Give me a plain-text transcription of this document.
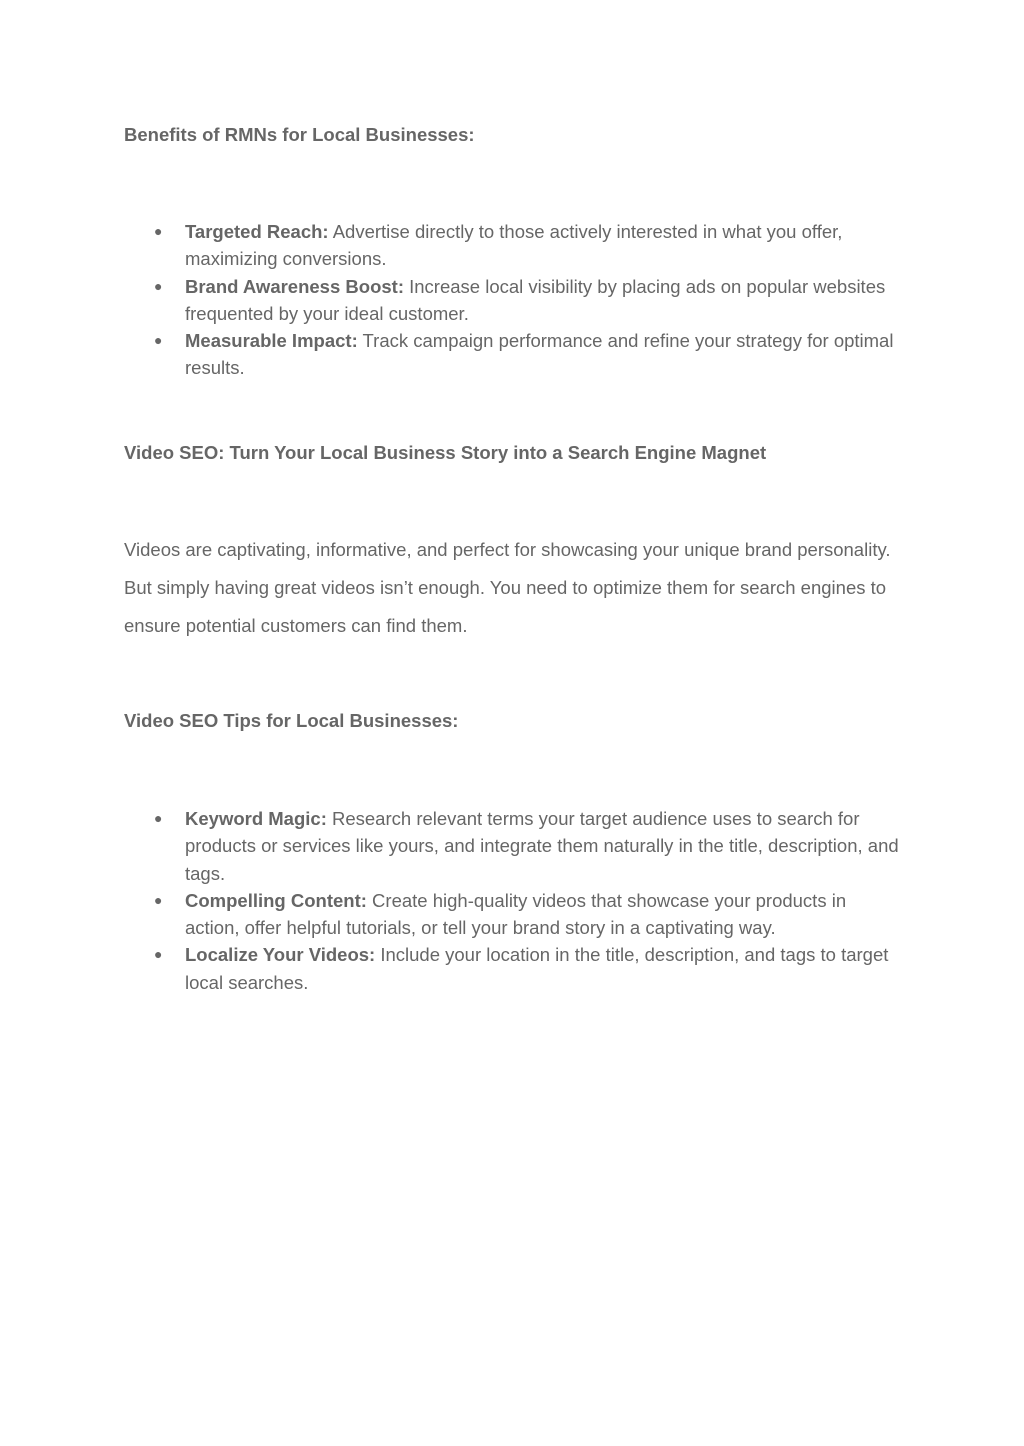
Benefits of RMNs for Local Businesses:
● Targeted Reach: Advertise directly to those actively interested in what you offer, maximizing conversions.
● Brand Awareness Boost: Increase local visibility by placing ads on popular websites frequented by your ideal customer.
● Measurable Impact: Track campaign performance and refine your strategy for optimal results.
Video SEO: Turn Your Local Business Story into a Search Engine Magnet

Videos are captivating, informative, and perfect for showcasing your unique brand personality. But simply having great videos isn’t enough. You need to optimize them for search engines to ensure potential customers can find them.

Video SEO Tips for Local Businesses:
● Keyword Magic: Research relevant terms your target audience uses to search for products or services like yours, and integrate them naturally in the title, description, and tags.
● Compelling Content: Create high-quality videos that showcase your products in action, offer helpful tutorials, or tell your brand story in a captivating way.
● Localize Your Videos: Include your location in the title, description, and tags to target local searches.
